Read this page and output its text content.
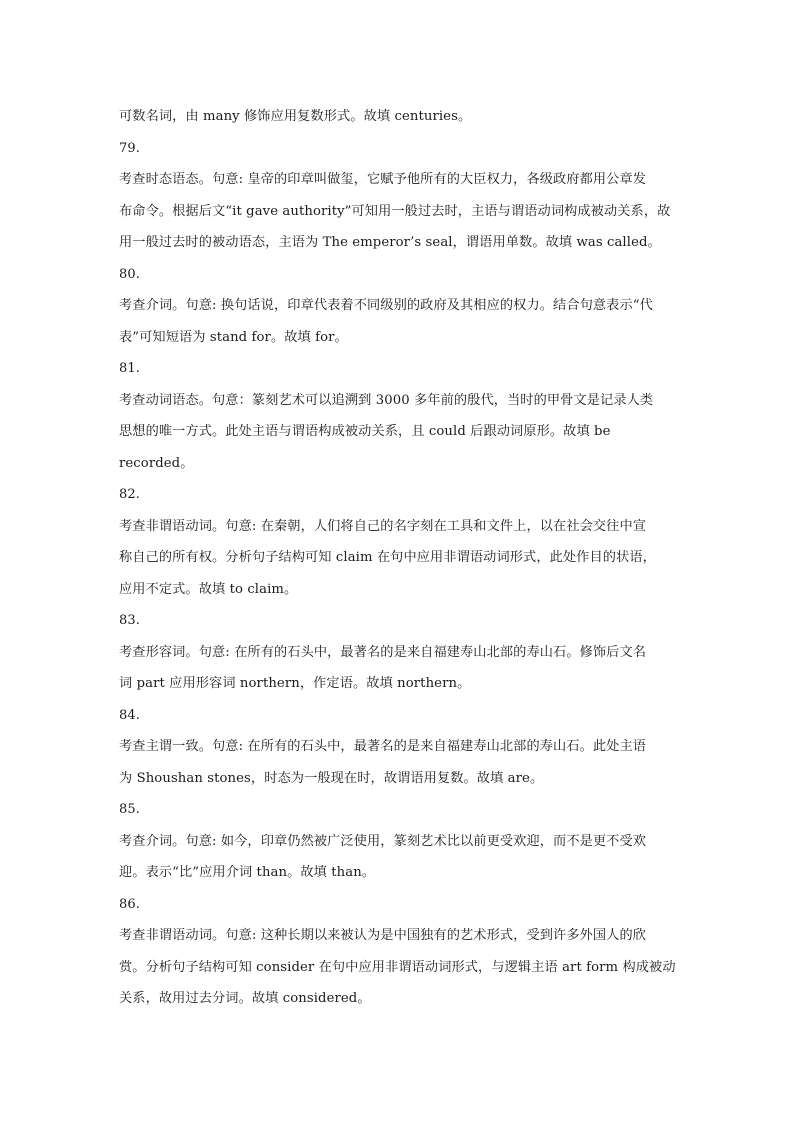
可数名词，由 many 修饰应用复数形式。故填 centuries。
79.
考查时态语态。句意: 皇帝的印章叫做玺，它赋予他所有的大臣权力，各级政府都用公章发
布命令。根据后文“it gave authority”可知用一般过去时，主语与谓语动词构成被动关系，故
用一般过去时的被动语态，主语为 The emperor’s seal，谓语用单数。故填 was called。
80.
考查介词。句意: 换句话说，印章代表着不同级别的政府及其相应的权力。结合句意表示“代
表”可知短语为 stand for。故填 for。
81.
考查动词语态。句意：篆刻艺术可以追溯到 3000 多年前的殷代，当时的甲骨文是记录人类
思想的唯一方式。此处主语与谓语构成被动关系，且 could 后跟动词原形。故填 be
recorded。
82.
考查非谓语动词。句意: 在秦朝，人们将自己的名字刻在工具和文件上，以在社会交往中宣
称自己的所有权。分析句子结构可知 claim 在句中应用非谓语动词形式，此处作目的状语，
应用不定式。故填 to claim。
83.
考查形容词。句意: 在所有的石头中，最著名的是来自福建寿山北部的寿山石。修饰后文名
词 part 应用形容词 northern，作定语。故填 northern。
84.
考查主谓一致。句意: 在所有的石头中，最著名的是来自福建寿山北部的寿山石。此处主语
为 Shoushan stones，时态为一般现在时，故谓语用复数。故填 are。
85.
考查介词。句意: 如今，印章仍然被广泛使用，篆刻艺术比以前更受欢迎，而不是更不受欢
迎。表示“比”应用介词 than。故填 than。
86.
考查非谓语动词。句意: 这种长期以来被认为是中国独有的艺术形式，受到许多外国人的欣
赏。分析句子结构可知 consider 在句中应用非谓语动词形式，与逻辑主语 art form 构成被动
关系，故用过去分词。故填 considered。
